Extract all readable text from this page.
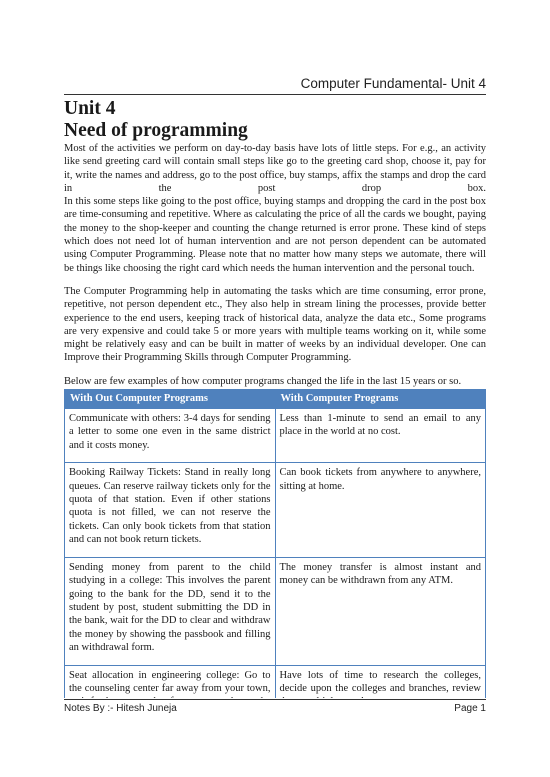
Computer Fundamental- Unit 4
Unit 4
Need of programming

Most of the activities we perform on day-to-day basis have lots of little steps. For e.g., an activity like send greeting card will contain small steps like go to the greeting card shop, choose it, pay for it, write the names and address, go to the post office, buy stamps, affix the stamps and drop the card in the post drop box.

In this some steps like going to the post office, buying stamps and dropping the card in the post box are time-consuming and repetitive. Where as calculating the price of all the cards we bought, paying the money to the shop-keeper and counting the change returned is error prone. These kind of steps which does not need lot of human intervention and are not person dependent can be automated using Computer Programming. Please note that no matter how many steps we automate, there will be things like choosing the right card which needs the human intervention and the personal touch.

The Computer Programming help in automating the tasks which are time consuming, error prone, repetitive, not person dependent etc., They also help in stream lining the processes, provide better experience to the end users, keeping track of historical data, analyze the data etc., Some programs are very expensive and could take 5 or more years with multiple teams working on it, while some might be relatively easy and can be built in matter of weeks by an individual developer. One can Improve their Programming Skills through Computer Programming.

Below are few examples of how computer programs changed the life in the last 15 years or so.

With Out Computer Programs	With Computer Programs
Communicate with others: 3-4 days for sending a letter to some one even in the same district and it costs money.	Less than 1-minute to send an email to any place in the world at no cost.
Booking Railway Tickets: Stand in really long queues. Can reserve railway tickets only for the quota of that station. Even if other stations quota is not filled, we can not reserve the tickets. Can only book tickets from that station and can not book return tickets.	Can book tickets from anywhere to anywhere, sitting at home.
Sending money from parent to the child studying in a college: This involves the parent going to the bank for the DD, send it to the student by post, student submitting the DD in the bank, wait for the DD to clear and withdraw the money by showing the passbook and filling an withdrawal form.	The money transfer is almost instant and money can be withdrawn from any ATM.
Seat allocation in engineering college: Go to the counseling center far away from your town,	Have lots of time to research the colleges, decide upon the colleges and branches, review
Notes By :- Hitesh Juneja	Page 1
